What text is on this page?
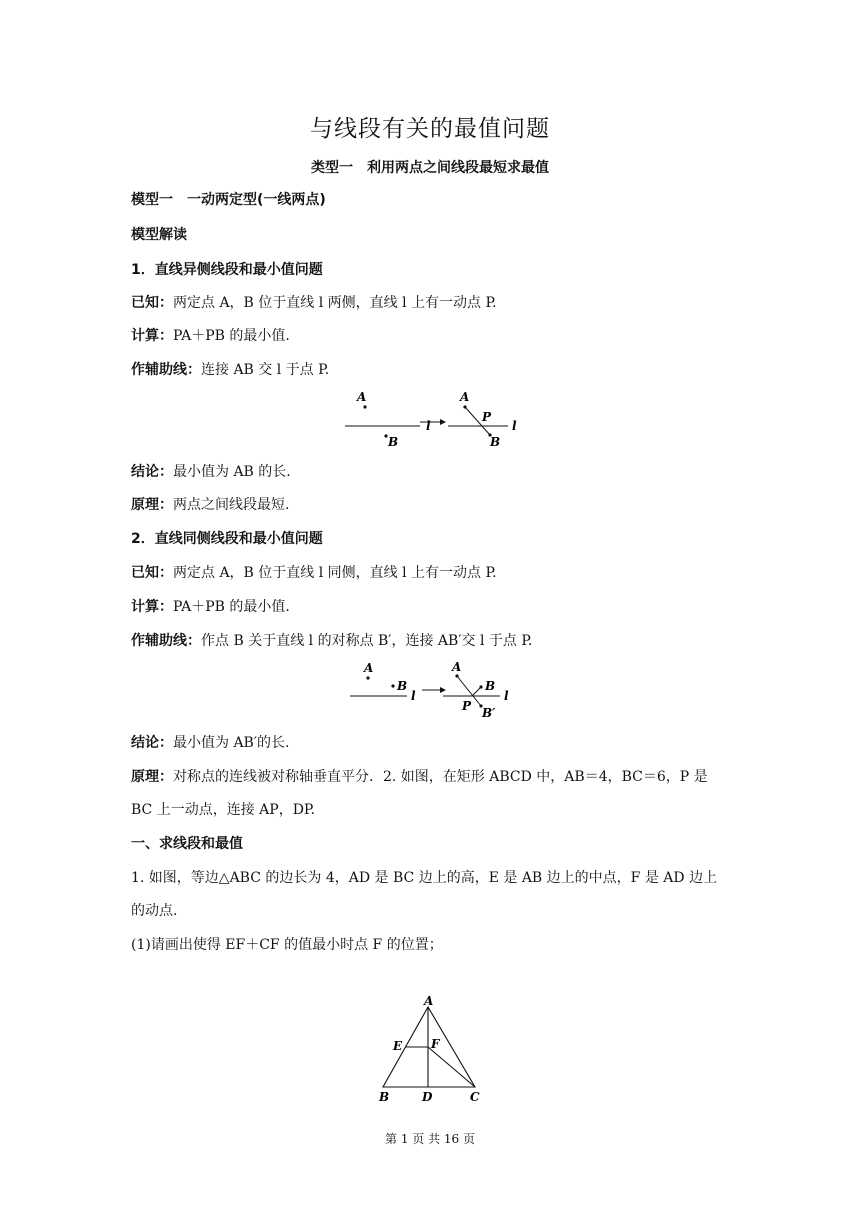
与线段有关的最值问题
类型一　利用两点之间线段最短求最值
模型一　一动两定型(一线两点)
模型解读
1．直线异侧线段和最小值问题
已知：两定点 A，B 位于直线 l 两侧，直线 l 上有一动点 P.
计算：PA＋PB 的最小值.
作辅助线：连接 AB 交 l 于点 P.
A
l
B
l
A
P
B
结论：最小值为 AB 的长.
原理：两点之间线段最短.
2．直线同侧线段和最小值问题
已知：两定点 A，B 位于直线 l 同侧，直线 l 上有一动点 P.
计算：PA＋PB 的最小值.
作辅助线：作点 B 关于直线 l 的对称点 B′，连接 AB′交 l 于点 P.
A
B
l	l
A
B
P B′
结论：最小值为 AB′的长.
原理：对称点的连线被对称轴垂直平分．2. 如图，在矩形 ABCD 中，AB＝4，BC＝6，P 是
BC 上一动点，连接 AP，DP.
一、求线段和最值
1. 如图，等边△ABC 的边长为 4，AD 是 BC 边上的高，E 是 AB 边上的中点，F 是 AD 边上
的动点.
(1)请画出使得 EF＋CF 的值最小时点 F 的位置；
A
E F
B	D	C
第 1 页 共 16 页
